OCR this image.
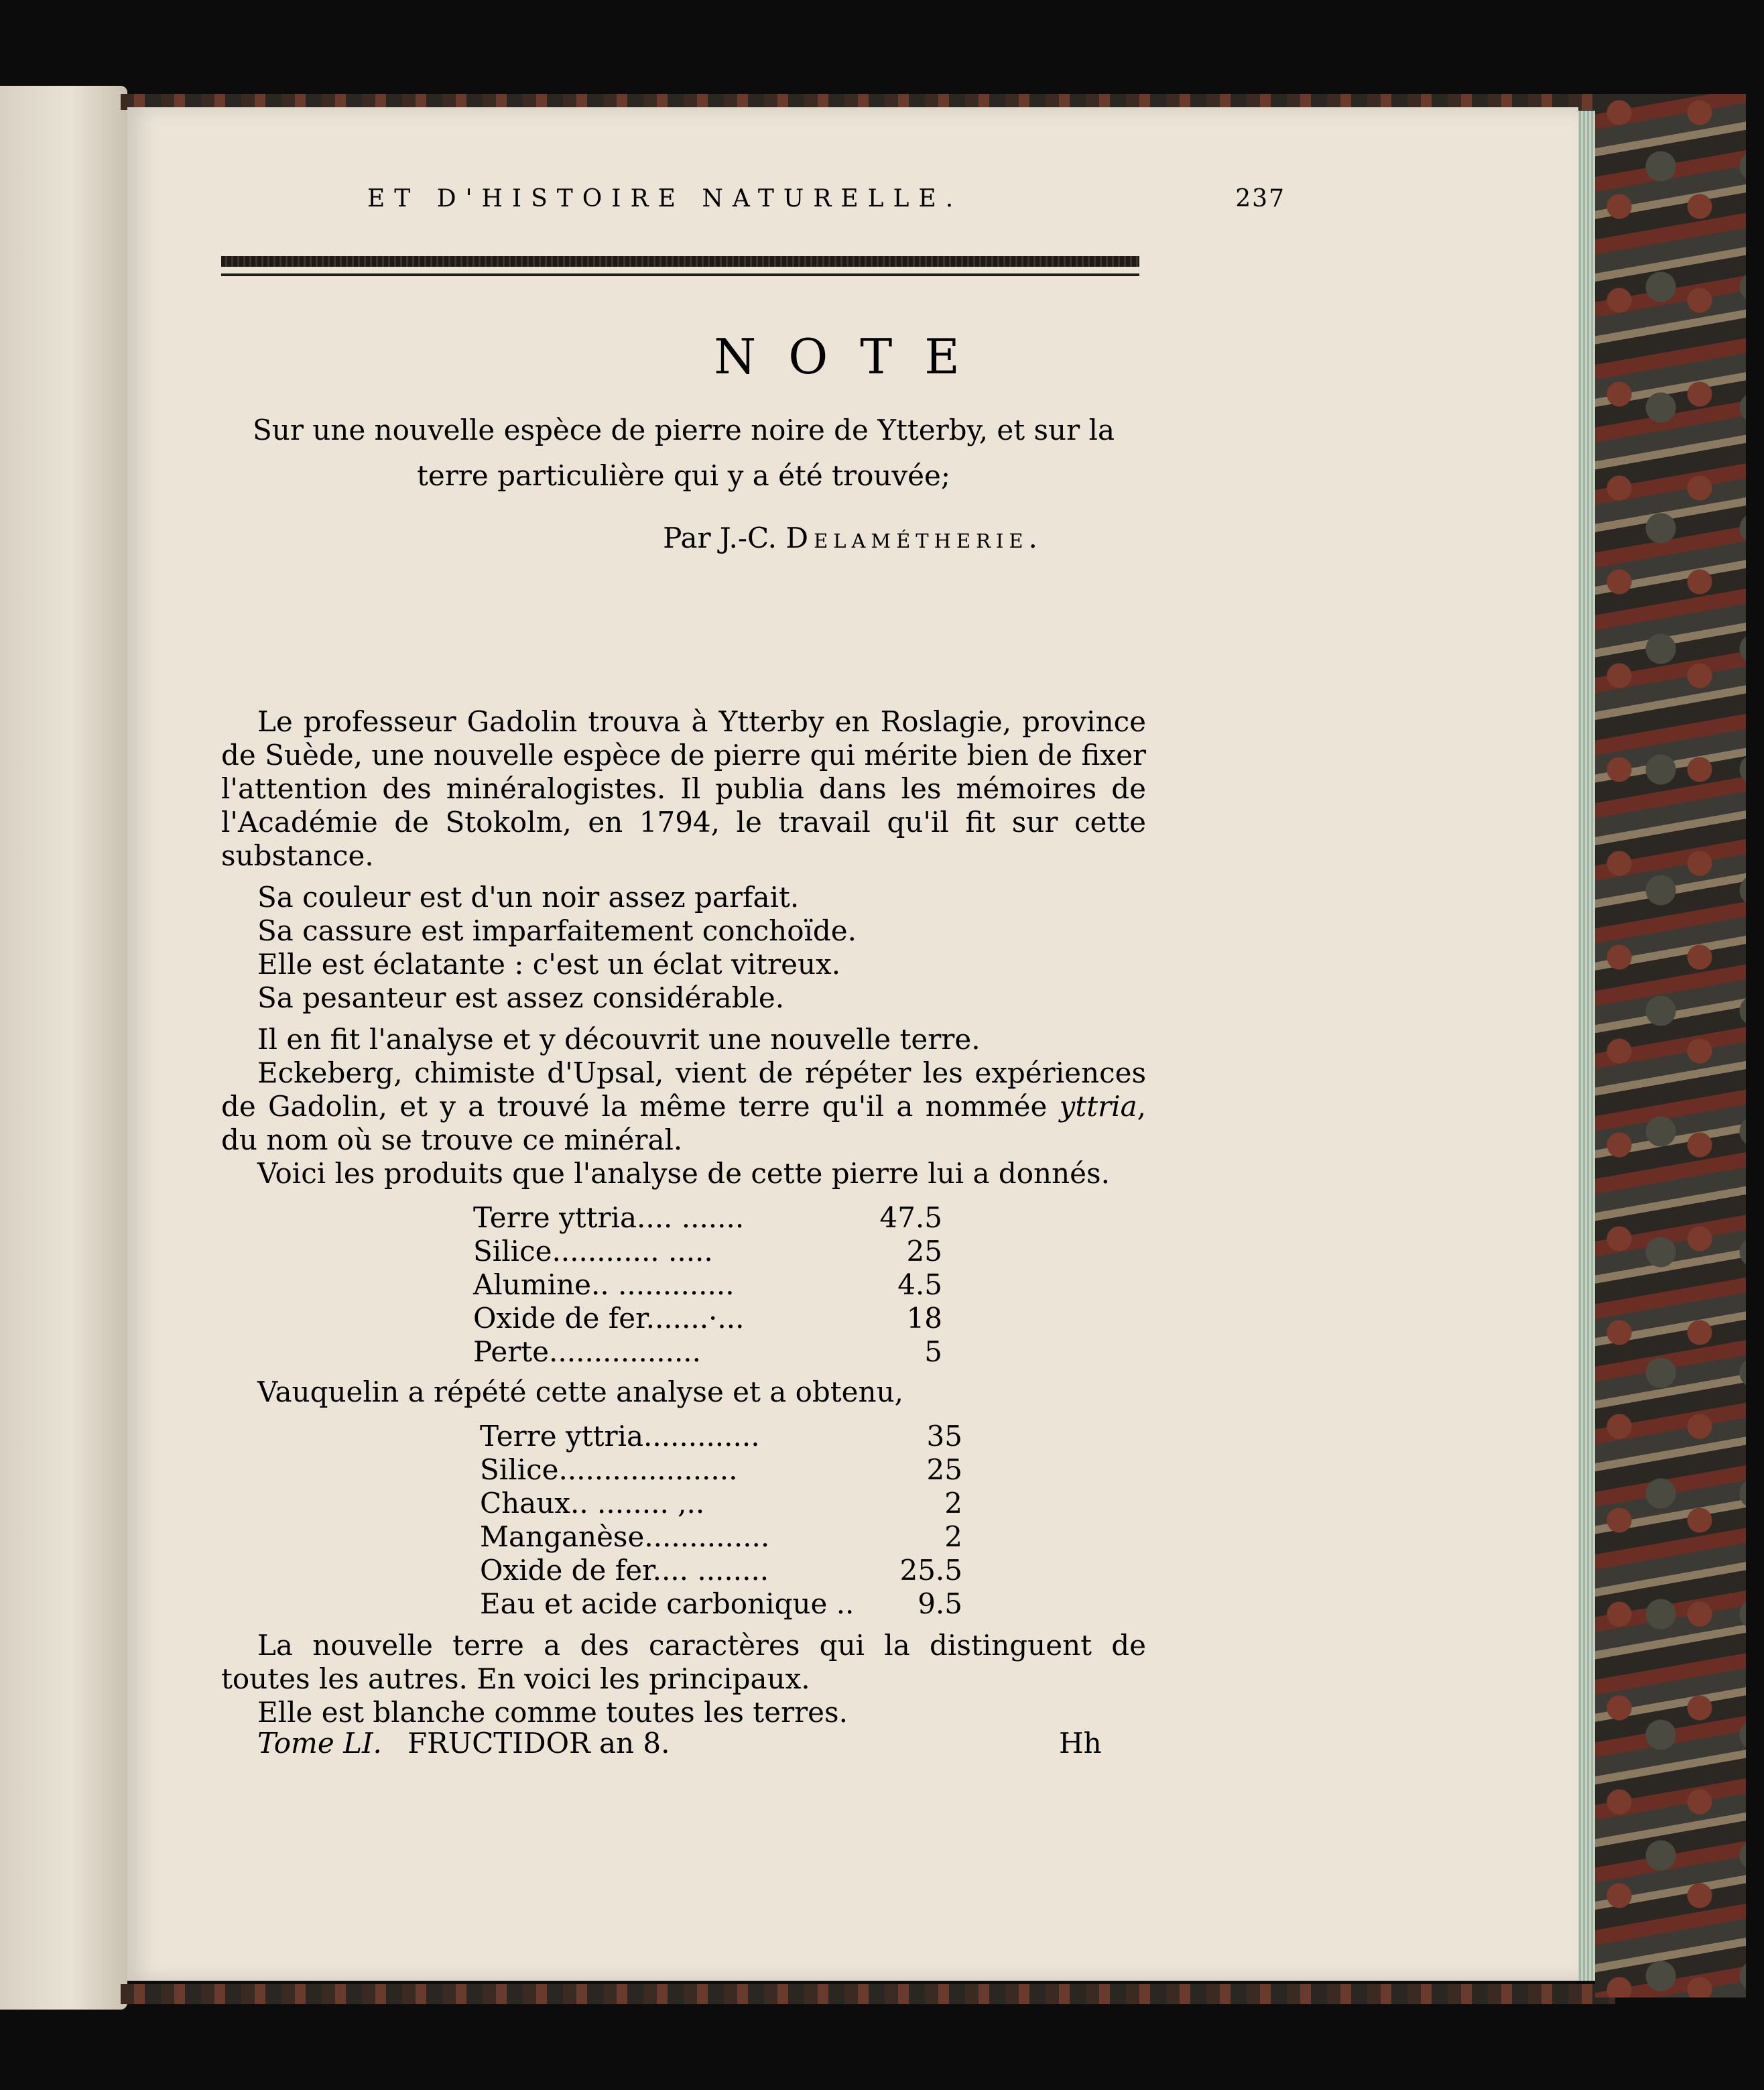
ET D'HISTOIRE NATURELLE.	237
NOTE
Sur une nouvelle espèce de pierre noire de Ytterby, et sur la
terre particulière qui y a été trouvée;
Par J.-C. Delamétherie.

Le professeur Gadolin trouva à Ytterby en Roslagie, province de Suède, une nouvelle espèce de pierre qui mérite bien de fixer l'attention des minéralogistes. Il publia dans les mémoires de l'Académie de Stokolm, en 1794, le travail qu'il fit sur cette substance.

Sa couleur est d'un noir assez parfait.

Sa cassure est imparfaitement conchoïde.

Elle est éclatante : c'est un éclat vitreux.

Sa pesanteur est assez considérable.

Il en fit l'analyse et y découvrit une nouvelle terre.

Eckeberg, chimiste d'Upsal, vient de répéter les expériences de Gadolin, et y a trouvé la même terre qu'il a nommée yttria, du nom où se trouve ce minéral.

Voici les produits que l'analyse de cette pierre lui a donnés.

Terre yttria.... .......	47.5
Silice............ .....	25
Alumine.. .............	4.5
Oxide de fer.......·...	18
Perte.................	5

Vauquelin a répété cette analyse et a obtenu,

Terre yttria.............	35
Silice....................	25
Chaux.. ........ ,..	2
Manganèse..............	2
Oxide de fer.... ........	25.5
Eau et acide carbonique .. 9.5

La nouvelle terre a des caractères qui la distinguent de toutes les autres. En voici les principaux.

Elle est blanche comme toutes les terres.

Tome LI. FRUCTIDOR an 8.	Hh
